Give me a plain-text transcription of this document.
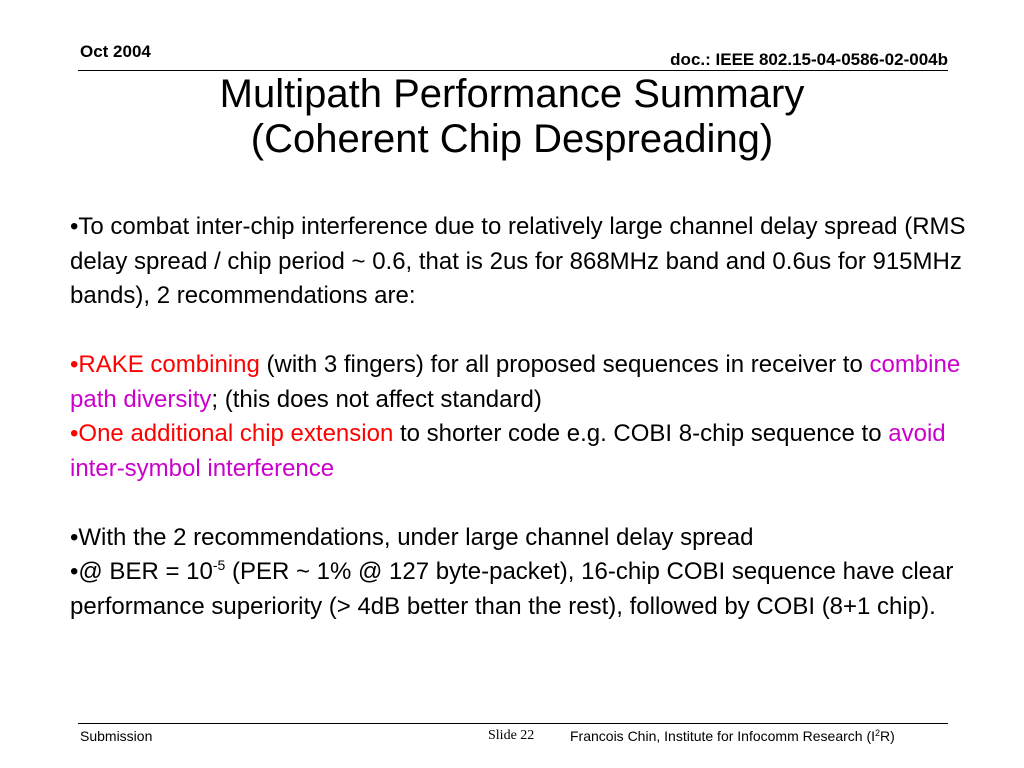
Oct 2004	doc.: IEEE 802.15-04-0586-02-004b
Multipath Performance Summary
(Coherent Chip Despreading)

•To combat inter-chip interference due to relatively large channel delay spread (RMS delay spread / chip period ~ 0.6, that is 2us for 868MHz band and 0.6us for 915MHz bands), 2 recommendations are:

•RAKE combining (with 3 fingers) for all proposed sequences in receiver to combine path diversity; (this does not affect standard)

•One additional chip extension to shorter code e.g. COBI 8-chip sequence to avoid inter-symbol interference

•With the 2 recommendations, under large channel delay spread

•@ BER = $10^{-5}$ (PER ~ 1% @ 127 byte-packet), 16-chip COBI sequence have clear performance superiority (> 4dB better than the rest), followed by COBI (8+1 chip).

Submission	Slide 22	Francois Chin, Institute for Infocomm Research $(I^2R)$
